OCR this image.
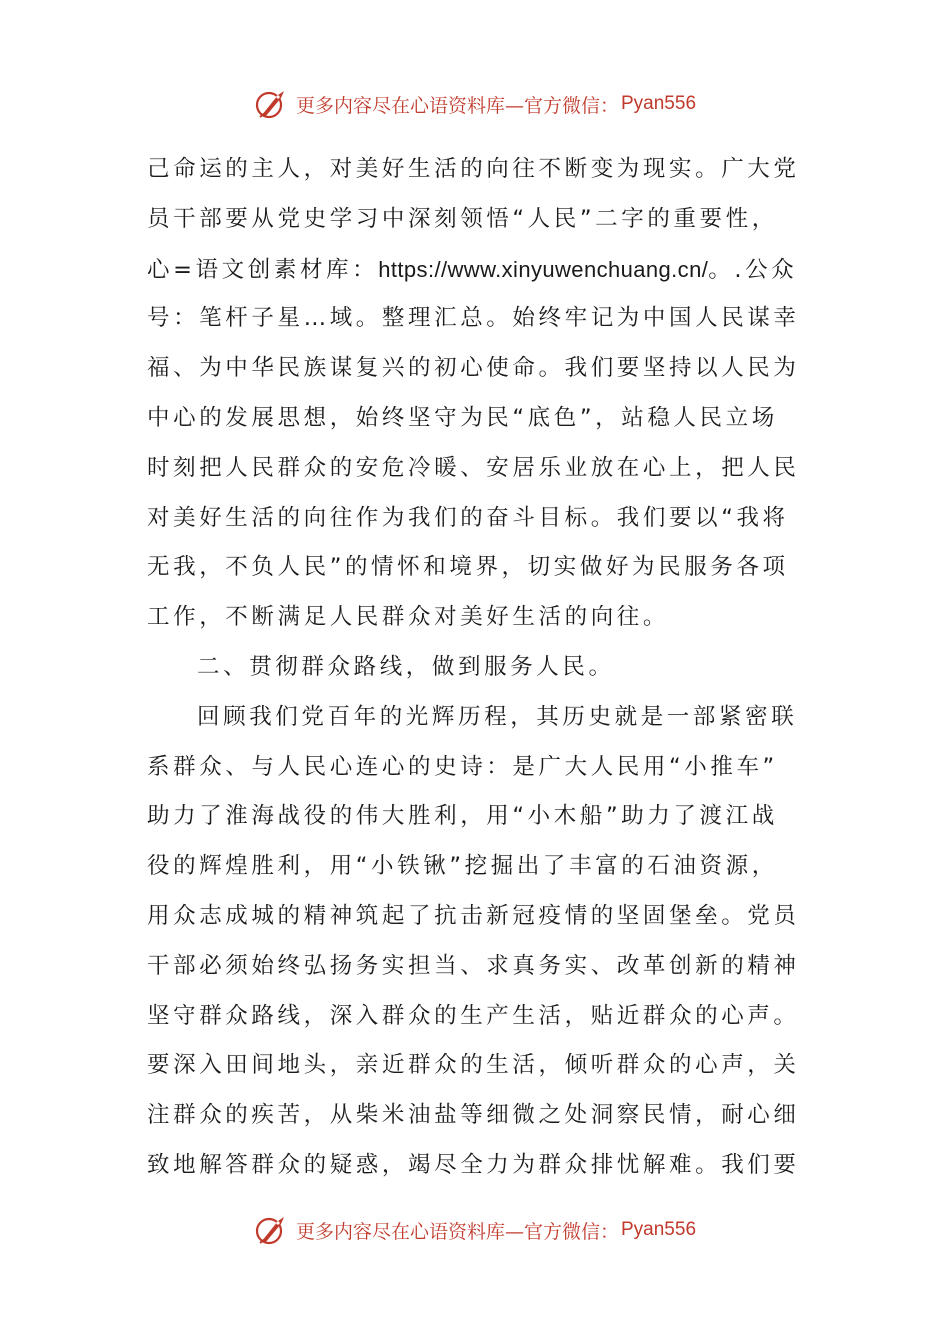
更多内容尽在心语资料库—官方微信： Pyan556
己命运的主人，对美好生活的向往不断变为现实。广大党
员干部要从党史学习中深刻领悟“人民”二字的重要性，
心=语文创素材库：https://www.xinyuwenchuang.cn/。.公众
号：笔杆子星…域。整理汇总。始终牢记为中国人民谋幸
福、为中华民族谋复兴的初心使命。我们要坚持以人民为
中心的发展思想，始终坚守为民“底色”，站稳人民立场
时刻把人民群众的安危冷暖、安居乐业放在心上，把人民
对美好生活的向往作为我们的奋斗目标。我们要以“我将
无我，不负人民”的情怀和境界，切实做好为民服务各项
工作，不断满足人民群众对美好生活的向往。
二、贯彻群众路线，做到服务人民。
回顾我们党百年的光辉历程，其历史就是一部紧密联
系群众、与人民心连心的史诗：是广大人民用“小推车”
助力了淮海战役的伟大胜利，用“小木船”助力了渡江战
役的辉煌胜利，用“小铁锹”挖掘出了丰富的石油资源，
用众志成城的精神筑起了抗击新冠疫情的坚固堡垒。党员
干部必须始终弘扬务实担当、求真务实、改革创新的精神
坚守群众路线，深入群众的生产生活，贴近群众的心声。
要深入田间地头，亲近群众的生活，倾听群众的心声，关
注群众的疾苦，从柴米油盐等细微之处洞察民情，耐心细
致地解答群众的疑惑，竭尽全力为群众排忧解难。我们要
更多内容尽在心语资料库—官方微信： Pyan556
